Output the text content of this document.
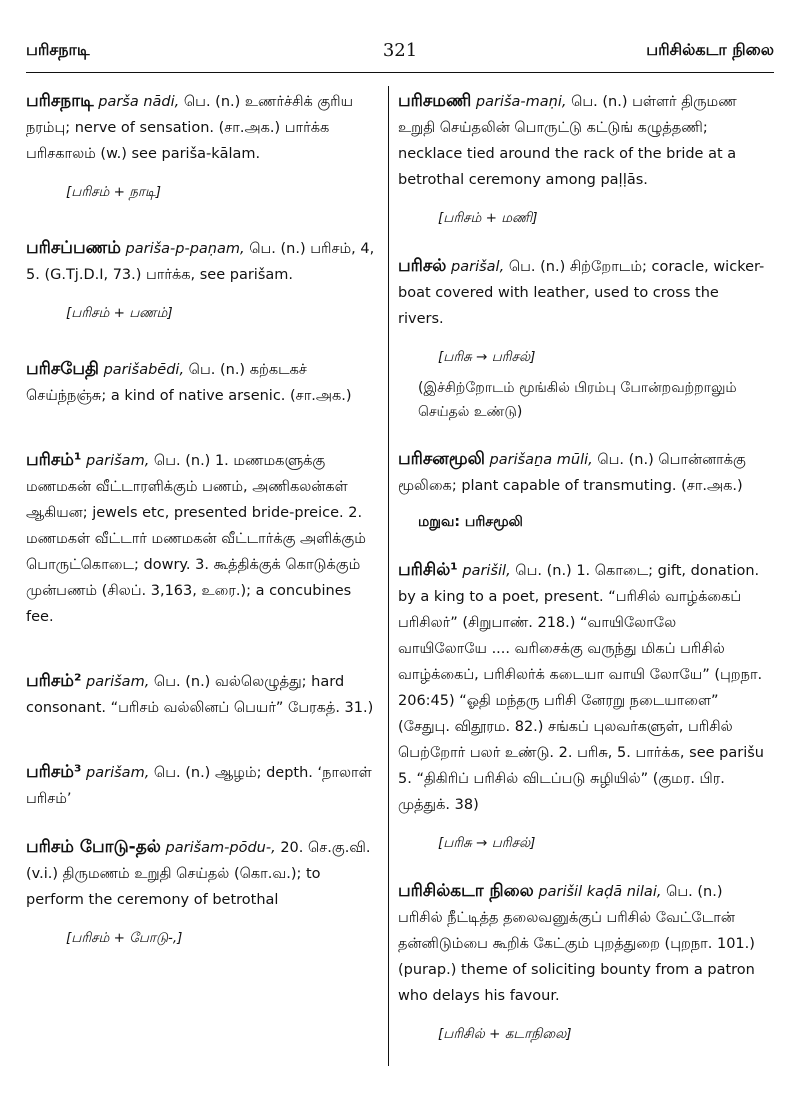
பரிசநாடி	321	பரிசில்கடா நிலை
பரிசநாடி parša nādi, பெ. (n.) உணர்ச்சிக் குரிய நரம்பு; nerve of sensation. (சா.அக.) பார்க்க பரிசகாலம் (w.) see pariša-kālam.
[பரிசம் + நாடி]
பரிசப்பணம் pariša-p-paṇam, பெ. (n.) பரிசம், 4, 5. (G.Tj.D.I, 73.) பார்க்க, see parišam.
[பரிசம் + பணம்]
பரிசபேதி parišabēdi, பெ. (n.) கற்கடகச் செய்ந்நஞ்சு; a kind of native arsenic. (சா.அக.)
பரிசம்¹ parišam, பெ. (n.) 1. மணமகளுக்கு மணமகன் வீட்டாரளிக்கும் பணம், அணிகலன்கள் ஆகியன; jewels etc, presented bride-preice. 2. மணமகள் வீட்டார் மணமகன் வீட்டார்க்கு அளிக்கும் பொருட்கொடை; dowry. 3. கூத்திக்குக் கொடுக்கும் முன்பணம் (சிலப். 3,163, உரை.); a concubines fee.
பரிசம்² parišam, பெ. (n.) வல்லெழுத்து; hard consonant. “பரிசம் வல்லினப் பெயர்” பேரகத். 31.)
பரிசம்³ parišam, பெ. (n.) ஆழம்; depth. ‘நாலாள் பரிசம்’
பரிசம் போடு-தல் parišam-pōdu-, 20. செ.கு.வி. (v.i.) திருமணம் உறுதி செய்தல் (கொ.வ.); to perform the ceremony of betrothal
[பரிசம் + போடு-,]
பரிசமணி pariša-maṇi, பெ. (n.) பள்ளர் திருமண உறுதி செய்தலின் பொருட்டு கட்டுங் கழுத்தணி; necklace tied around the rack of the bride at a betrothal ceremony among paḷḷās.
[பரிசம் + மணி]
பரிசல் parišal, பெ. (n.) சிற்றோடம்; coracle, wicker-boat covered with leather, used to cross the rivers.
[பரிசு → பரிசல்]
(இச்சிற்றோடம் மூங்கில் பிரம்பு போன்றவற்றாலும் செய்தல் உண்டு)
பரிசனமூலி parišaṉa mūli, பெ. (n.) பொன்னாக்கு மூலிகை; plant capable of transmuting. (சா.அக.)
மறுவ: பரிசமூலி
பரிசில்¹ parišil, பெ. (n.) 1. கொடை; gift, donation. by a king to a poet, present. “பரிசில் வாழ்க்கைப் பரிசிலர்” (சிறுபாண். 218.) “வாயிலோலே வாயிலோயே .... வரிசைக்கு வருந்து மிகப் பரிசில் வாழ்க்கைப், பரிசிலர்க் கடையா வாயி லோயே” (புறநா. 206:45) “ஓதி மந்தரு பரிசி னேரறு நடையாளை” (சேதுபு. விதூரம. 82.) சங்கப் புலவர்களுள், பரிசில் பெற்றோர் பலர் உண்டு. 2. பரிசு, 5. பார்க்க, see parišu 5. “திகிரிப் பரிசில் விடப்படு சுழியில்” (குமர. பிர. முத்துக். 38)
[பரிசு → பரிசல்]
பரிசில்கடா நிலை parišil kaḍā nilai, பெ. (n.) பரிசில் நீட்டித்த தலைவனுக்குப் பரிசில் வேட்டோன் தன்னிடும்பை கூறிக் கேட்கும் புறத்துறை (புறநா. 101.) (purap.) theme of soliciting bounty from a patron who delays his favour.
[பரிசில் + கடாநிலை]
